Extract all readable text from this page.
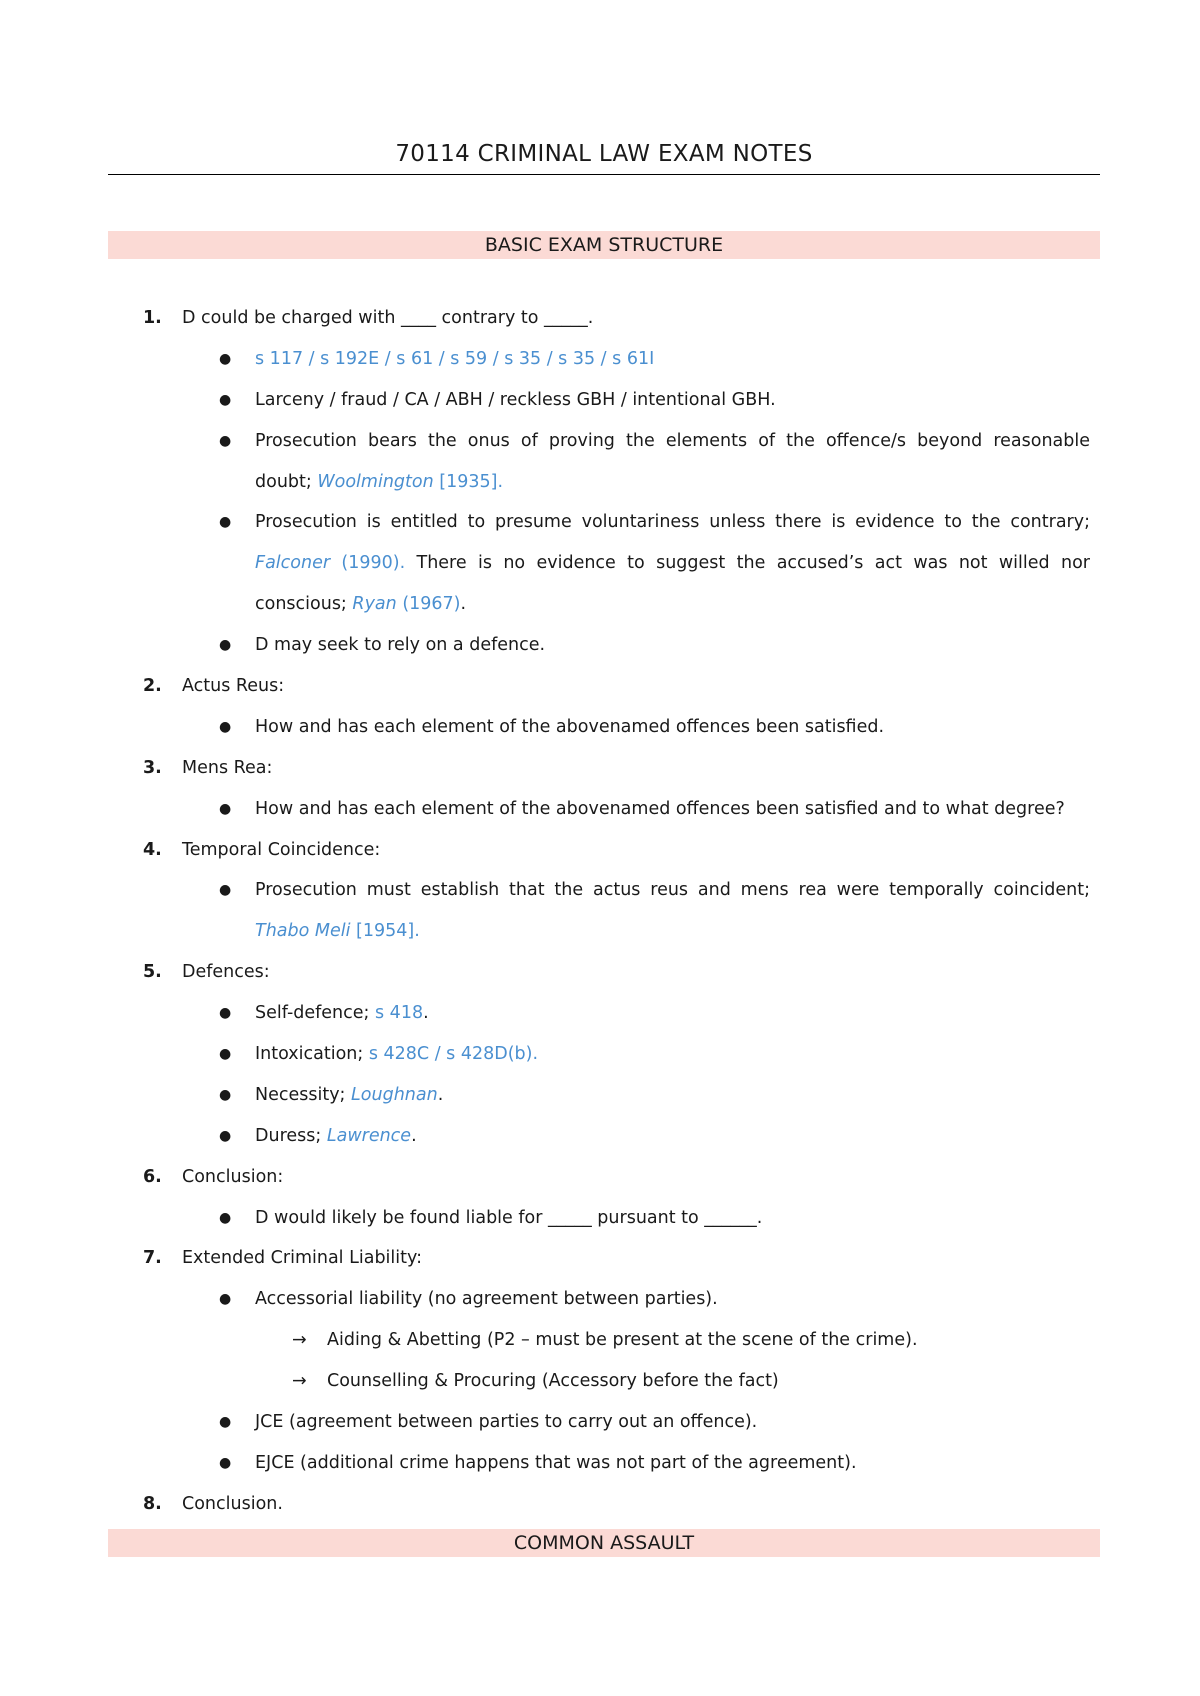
70114 CRIMINAL LAW EXAM NOTES
BASIC EXAM STRUCTURE
1. D could be charged with ____ contrary to _____.
● s 117 / s 192E / s 61 / s 59 / s 35 / s 35 / s 61I
● Larceny / fraud / CA / ABH / reckless GBH / intentional GBH.
● Prosecution bears the onus of proving the elements of the offence/s beyond reasonable
doubt; Woolmington [1935].
● Prosecution is entitled to presume voluntariness unless there is evidence to the contrary;
Falconer (1990). There is no evidence to suggest the accused’s act was not willed nor
conscious; Ryan (1967).
● D may seek to rely on a defence.
2. Actus Reus:
● How and has each element of the abovenamed offences been satisfied.
3. Mens Rea:
● How and has each element of the abovenamed offences been satisfied and to what degree?
4. Temporal Coincidence:
● Prosecution must establish that the actus reus and mens rea were temporally coincident;
Thabo Meli [1954].
5. Defences:
● Self-defence; s 418.
● Intoxication; s 428C / s 428D(b).
● Necessity; Loughnan.
● Duress; Lawrence.
6. Conclusion:
● D would likely be found liable for _____ pursuant to ______.
7. Extended Criminal Liability:
● Accessorial liability (no agreement between parties).
→ Aiding & Abetting (P2 – must be present at the scene of the crime).
→ Counselling & Procuring (Accessory before the fact)
● JCE (agreement between parties to carry out an offence).
● EJCE (additional crime happens that was not part of the agreement).
8. Conclusion.
COMMON ASSAULT
